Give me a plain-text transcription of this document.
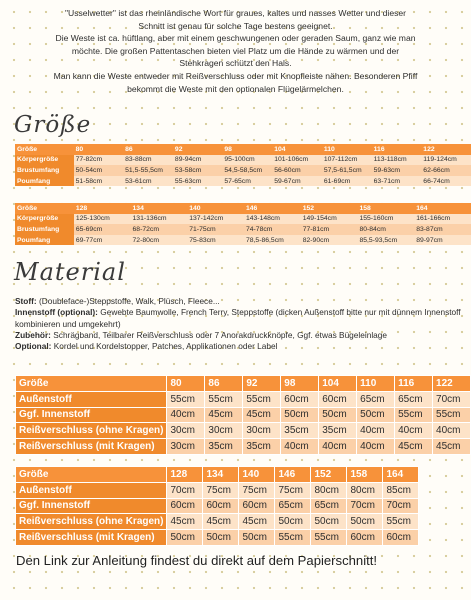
"Usselwetter" ist das rheinländische Wort für graues, kaltes und nasses Wetter und dieser

Schnitt ist genau für solche Tage bestens geeignet.

Die Weste ist ca. hüftlang, aber mit einem geschwungenen oder geraden Saum, ganz wie man

möchte. Die großen Pattentaschen bieten viel Platz um die Hände zu wärmen und der

Stehkragen schützt den Hals.

Man kann die Weste entweder mit Reißverschluss oder mit Knopfleiste nähen. Besonderen Pfiff

bekommt die Weste mit den optionalen Flügelärmelchen.

Größe
Größe	80	86	92	98	104	110	116	122
Körpergröße	77-82cm	83-88cm	89-94cm	95-100cm	101-106cm	107-112cm	113-118cm	119-124cm
Brustumfang	50-54cm	51,5-55,5cm	53-58cm	54,5-58,5cm	56-60cm	57,5-61,5cm	59-63cm	62-66cm
Poumfang	51-58cm	53-61cm	55-63cm	57-65cm	59-67cm	61-69cm	63-71cm	66-74cm
Größe	128	134	140	146	152	158	164
Körpergröße	125-130cm	131-136cm	137-142cm	143-148cm	149-154cm	155-160cm	161-166cm
Brustumfang	65-69cm	68-72cm	71-75cm	74-78cm	77-81cm	80-84cm	83-87cm
Poumfang	69-77cm	72-80cm	75-83cm	78,5-86,5cm	82-90cm	85,5-93,5cm	89-97cm
Material

Stoff: (Doubleface-)Steppstoffe, Walk, Plüsch, Fleece...

Innenstoff (optional): Gewebte Baumwolle, French Terry, Steppstoffe (dicken Außenstoff bitte nur mit dünnem Innenstoff kombinieren und umgekehrt)

Zubehör: Schrägband, Teilbarer Reißverschluss oder 7 Anorakdruckknöpfe, Ggf. etwas Bügeleinlage

Optional: Kordel und Kordelstopper, Patches, Applikationen oder Label

Größe	80	86	92	98	104	110	116	122
Außenstoff	55cm	55cm	55cm	60cm	60cm	65cm	65cm	70cm
Ggf. Innenstoff	40cm	45cm	45cm	50cm	50cm	50cm	55cm	55cm
Reißverschluss (ohne Kragen)	30cm	30cm	30cm	35cm	35cm	40cm	40cm	40cm
Reißverschluss (mit Kragen)	30cm	35cm	35cm	40cm	40cm	40cm	45cm	45cm
Größe	128	134	140	146	152	158	164
Außenstoff	70cm	75cm	75cm	75cm	80cm	80cm	85cm
Ggf. Innenstoff	60cm	60cm	60cm	65cm	65cm	70cm	70cm
Reißverschluss (ohne Kragen)	45cm	45cm	45cm	50cm	50cm	50cm	55cm
Reißverschluss (mit Kragen)	50cm	50cm	50cm	55cm	55cm	60cm	60cm
Den Link zur Anleitung findest du direkt auf dem Papierschnitt!
